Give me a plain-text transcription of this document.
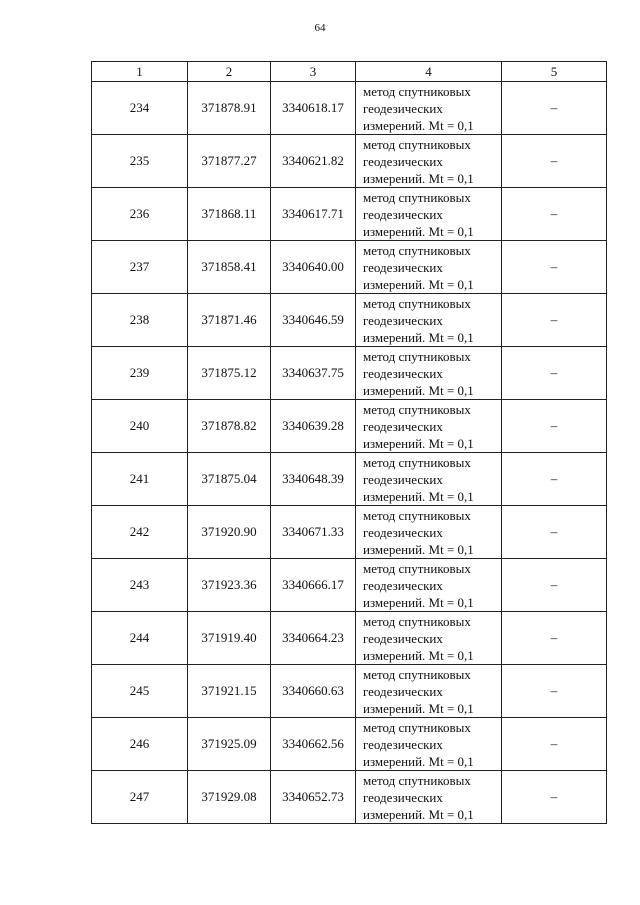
64
1	2	3	4	5
234	371878.91	3340618.17	метод спутниковых
геодезических
измерений. Mt = 0,1	–
235	371877.27	3340621.82	метод спутниковых
геодезических
измерений. Mt = 0,1	–
236	371868.11	3340617.71	метод спутниковых
геодезических
измерений. Mt = 0,1	–
237	371858.41	3340640.00	метод спутниковых
геодезических
измерений. Mt = 0,1	–
238	371871.46	3340646.59	метод спутниковых
геодезических
измерений. Mt = 0,1	–
239	371875.12	3340637.75	метод спутниковых
геодезических
измерений. Mt = 0,1	–
240	371878.82	3340639.28	метод спутниковых
геодезических
измерений. Mt = 0,1	–
241	371875.04	3340648.39	метод спутниковых
геодезических
измерений. Mt = 0,1	–
242	371920.90	3340671.33	метод спутниковых
геодезических
измерений. Mt = 0,1	–
243	371923.36	3340666.17	метод спутниковых
геодезических
измерений. Mt = 0,1	–
244	371919.40	3340664.23	метод спутниковых
геодезических
измерений. Mt = 0,1	–
245	371921.15	3340660.63	метод спутниковых
геодезических
измерений. Mt = 0,1	–
246	371925.09	3340662.56	метод спутниковых
геодезических
измерений. Mt = 0,1	–
247	371929.08	3340652.73	метод спутниковых
геодезических
измерений. Mt = 0,1	–
